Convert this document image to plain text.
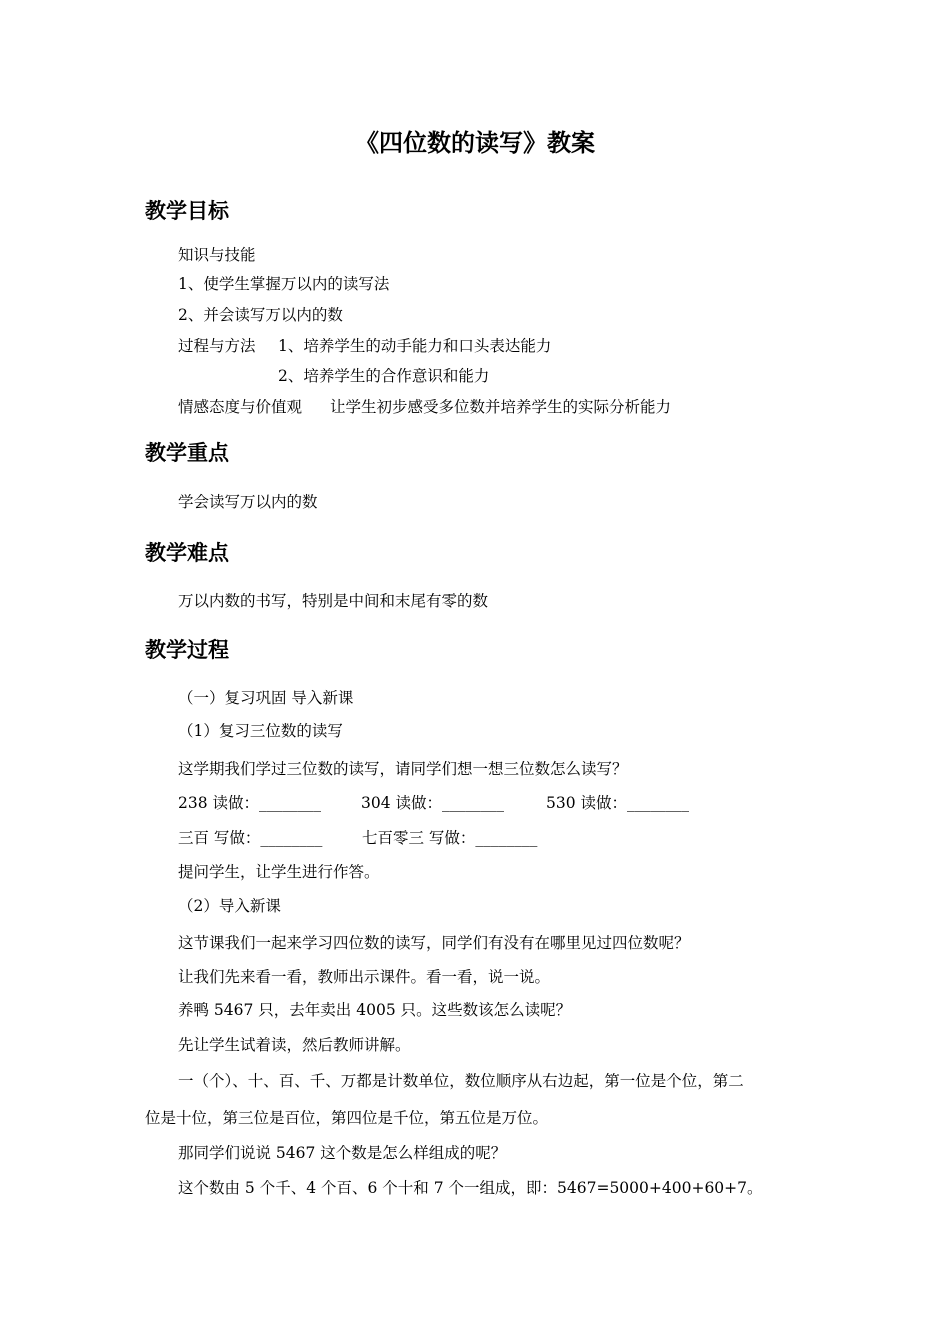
《四位数的读写》教案
教学目标
知识与技能
1、使学生掌握万以内的读写法
2、并会读写万以内的数
过程与方法 1、培养学生的动手能力和口头表达能力
2、培养学生的合作意识和能力
情感态度与价值观 让学生初步感受多位数并培养学生的实际分析能力
教学重点
学会读写万以内的数
教学难点
万以内数的书写，特别是中间和末尾有零的数
教学过程
（一）复习巩固 导入新课
（1）复习三位数的读写
这学期我们学过三位数的读写，请同学们想一想三位数怎么读写？
238 读做：________	304 读做：________	530 读做：________
三百 写做：________	七百零三 写做：________
提问学生，让学生进行作答。
（2）导入新课
这节课我们一起来学习四位数的读写，同学们有没有在哪里见过四位数呢？
让我们先来看一看，教师出示课件。看一看，说一说。
养鸭 5467 只，去年卖出 4005 只。这些数该怎么读呢？
先让学生试着读，然后教师讲解。
一（个）、十、百、千、万都是计数单位，数位顺序从右边起，第一位是个位，第二
位是十位，第三位是百位，第四位是千位，第五位是万位。
那同学们说说 5467 这个数是怎么样组成的呢？
这个数由 5 个千、4 个百、6 个十和 7 个一组成，即：5467=5000+400+60+7。
